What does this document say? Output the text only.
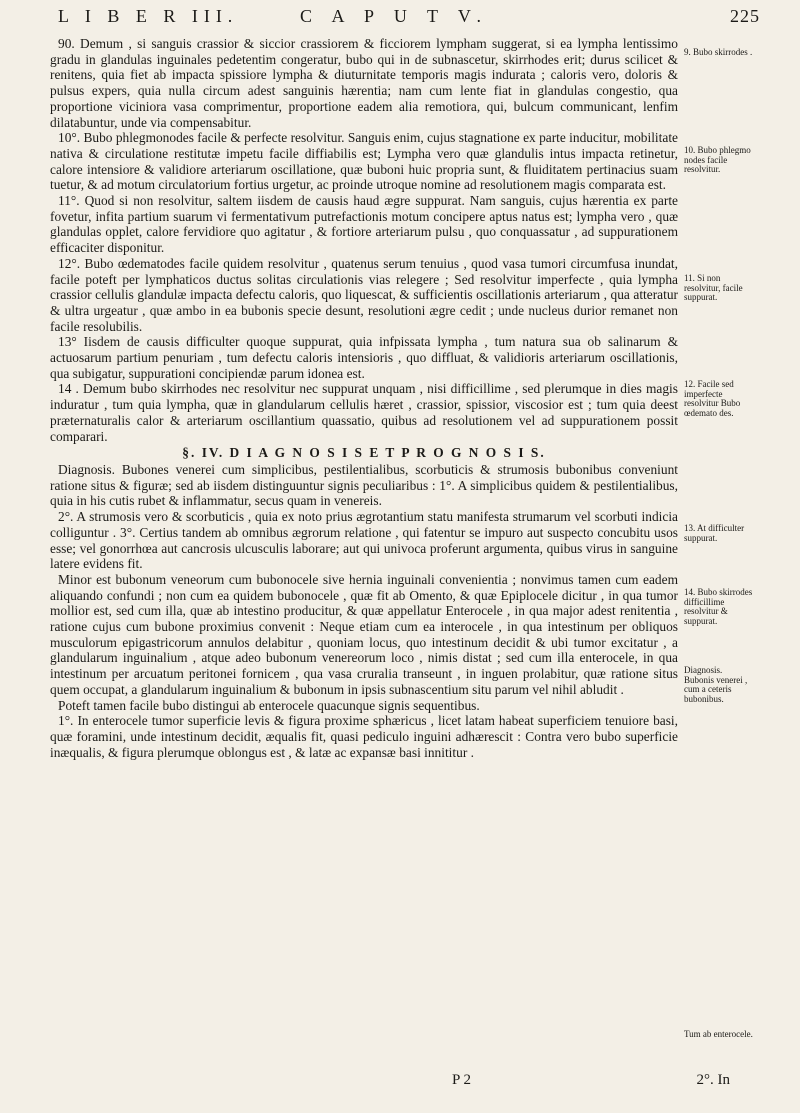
L I B E R III.	C A P U T V.	225

90. Demum , si sanguis crassior & siccior crassiorem & ficciorem lympham suggerat, si ea lympha lentissimo gradu in glandulas inguinales pedetentim congeratur, bubo qui in de subnascetur, skirrhodes erit; durus scilicet & renitens, quia fiet ab impacta spissiore lympha & diuturnitate temporis magis indurata ; caloris vero, doloris & pulsus expers, quia nulla circum adest sanguinis hærentia; nam cum lente fiat in glandulas congestio, qua proportione viciniora vasa comprimentur, proportione eadem alia remotiora, qui, bulcum communicant, lenfim dilatabuntur, unde via compensabitur.

10°. Bubo phlegmonodes facile & perfecte resolvitur. Sanguis enim, cujus stagnatione ex parte inducitur, mobilitate nativa & circulatione restitutæ impetu facile diffiabilis est; Lympha vero quæ glandulis intus impacta retinetur, calore intensiore & validiore arteriarum oscillatione, quæ buboni huic propria sunt, & fluiditatem pertinacius suam tuetur, & ad motum circulatorium fortius urgetur, ac proinde utroque nomine ad resolutionem magis comparata est.

11°. Quod si non resolvitur, saltem iisdem de causis haud ægre suppurat. Nam sanguis, cujus hærentia ex parte fovetur, infita partium suarum vi fermentativum putrefactionis motum concipere aptus natus est; lympha vero , quæ glandulas opplet, calore fervidiore quo agitatur , & fortiore arteriarum pulsu , quo conquassatur , ad suppurationem efficaciter disponitur.

12°. Bubo œdematodes facile quidem resolvitur , quatenus serum tenuius , quod vasa tumori circumfusa inundat, facile poteft per lymphaticos ductus solitas circulationis vias relegere ; Sed resolvitur imperfecte , quia lympha crassior cellulis glandulæ impacta defectu caloris, quo liquescat, & sufficientis oscillationis arteriarum , qua atteratur & ultra urgeatur , quæ ambo in ea bubonis specie desunt, resolutioni ægre cedit ; unde nucleus durior remanet non facile resolubilis.

13° Iisdem de causis difficulter quoque suppurat, quia infpissata lympha , tum natura sua ob salinarum & actuosarum partium penuriam , tum defectu caloris intensioris , quo diffluat, & validioris arteriarum oscillationis, qua subigatur, suppurationi concipiendæ parum idonea est.

14 . Demum bubo skirrhodes nec resolvitur nec suppurat unquam , nisi difficillime , sed plerumque in dies magis induratur , tum quia lympha, quæ in glandularum cellulis hæret , crassior, spissior, viscosior est ; tum quia deest præternaturalis calor & arteriarum oscillantium quassatio, quibus ad resolutionem vel ad suppurationem possit comparari.

§. IV. D I A G N O S I S E T P R O G N O S I S.

Diagnosis. Bubones venerei cum simplicibus, pestilentialibus, scorbuticis & strumosis bubonibus conveniunt ratione situs & figuræ; sed ab iisdem distinguuntur signis peculiaribus : 1°. A simplicibus quidem & pestilentialibus, quia in his cutis rubet & inflammatur, secus quam in venereis.

2°. A strumosis vero & scorbuticis , quia ex noto prius ægrotantium statu manifesta strumarum vel scorbuti indicia colliguntur . 3°. Certius tandem ab omnibus ægrorum relatione , qui fatentur se impuro aut suspecto concubitu usos esse; vel gonorrhœa aut cancrosis ulcusculis laborare; aut qui univoca proferunt argumenta, quibus virus in sanguine latere evidens fit.

Minor est bubonum veneorum cum bubonocele sive hernia inguinali convenientia ; nonvimus tamen cum eadem aliquando confundi ; non cum ea quidem bubonocele , quæ fit ab Omento, & quæ Epiplocele dicitur , in qua tumor mollior est, sed cum illa, quæ ab intestino producitur, & quæ appellatur Enterocele , in qua major adest renitentia , ratione cujus cum bubone proximius convenit : Neque etiam cum ea interocele , in qua intestinum per obliquos musculorum epigastricorum annulos delabitur , quoniam locus, quo intestinum decidit & ubi tumor excitatur , a glandularum inguinalium , atque adeo bubonum venereorum loco , nimis distat ; sed cum illa enterocele, in qua intestinum per arcuatum peritonei fornicem , qua vasa cruralia transeunt , in inguen prolabitur, quæ ratione situs quem occupat, a glandularum inguinalium & bubonum in ipsis subnascentium situ parum vel nihil abludit .

Poteft tamen facile bubo distingui ab enterocele quacunque signis sequentibus.

1°. In enterocele tumor superficie levis & figura proxime sphæricus , licet latam habeat superficiem tenuiore basi, quæ foramini, unde intestinum decidit, æqualis fit, quasi pediculo inguini adhærescit : Contra vero bubo superficie inæqualis, & figura plerumque oblongus est , & latæ ac expansæ basi innititur .

9. Bubo skirrodes .
10. Bubo phlegmo nodes facile resolvitur.
11. Si non resolvitur, facile suppurat.
12. Facile sed imperfecte resolvitur Bubo œdemato des.
13. At difficulter suppurat.
14. Bubo skirrodes difficillime resolvitur & suppurat.
Diagnosis. Bubonis venerei , cum a ceteris bubonibus.
Tum ab enterocele.
P 2	2°. In
